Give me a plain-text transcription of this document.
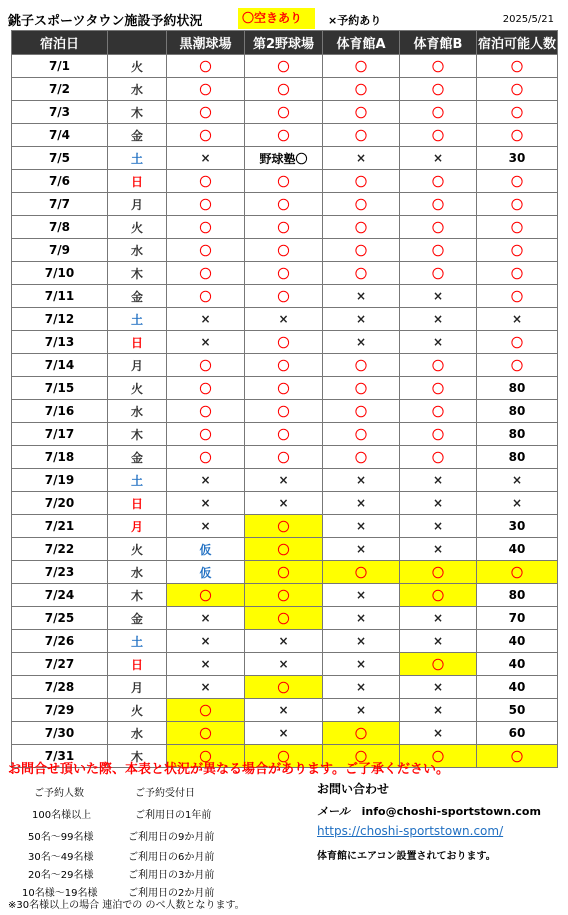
銚子スポーツタウン施設予約状況	〇空きあり	×予約あり	2025/5/21
宿泊日		黒潮球場	第2野球場	体育館A	体育館B	宿泊可能人数
7/1	火	〇	〇	〇	〇	〇
7/2	水	〇	〇	〇	〇	〇
7/3	木	〇	〇	〇	〇	〇
7/4	金	〇	〇	〇	〇	〇
7/5	土	×	野球塾〇	×	×	30
7/6	日	〇	〇	〇	〇	〇
7/7	月	〇	〇	〇	〇	〇
7/8	火	〇	〇	〇	〇	〇
7/9	水	〇	〇	〇	〇	〇
7/10	木	〇	〇	〇	〇	〇
7/11	金	〇	〇	×	×	〇
7/12	土	×	×	×	×	×
7/13	日	×	〇	×	×	〇
7/14	月	〇	〇	〇	〇	〇
7/15	火	〇	〇	〇	〇	80
7/16	水	〇	〇	〇	〇	80
7/17	木	〇	〇	〇	〇	80
7/18	金	〇	〇	〇	〇	80
7/19	土	×	×	×	×	×
7/20	日	×	×	×	×	×
7/21	月	×	〇	×	×	30
7/22	火	仮	〇	×	×	40
7/23	水	仮	〇	〇	〇	〇
7/24	木	〇	〇	×	〇	80
7/25	金	×	〇	×	×	70
7/26	土	×	×	×	×	40
7/27	日	×	×	×	〇	40
7/28	月	×	〇	×	×	40
7/29	火	〇	×	×	×	50
7/30	水	〇	×	〇	×	60
7/31	木	〇	〇	〇	〇	〇
お問合せ頂いた際、本表と状況が異なる場合があります。ご了承ください。
ご予約人数	ご予約受付日
100名様以上	ご利用日の1年前
50名～99名様	ご利用日の9か月前
30名～49名様	ご利用日の6か月前
20名～29名様	ご利用日の3か月前
10名様～19名様	ご利用日の2か月前
※30名様以上の場合 連泊での のべ人数となります。
お問い合わせ
メール info@choshi-sportstown.com
https://choshi-sportstown.com/
体育館にエアコン設置されております。
